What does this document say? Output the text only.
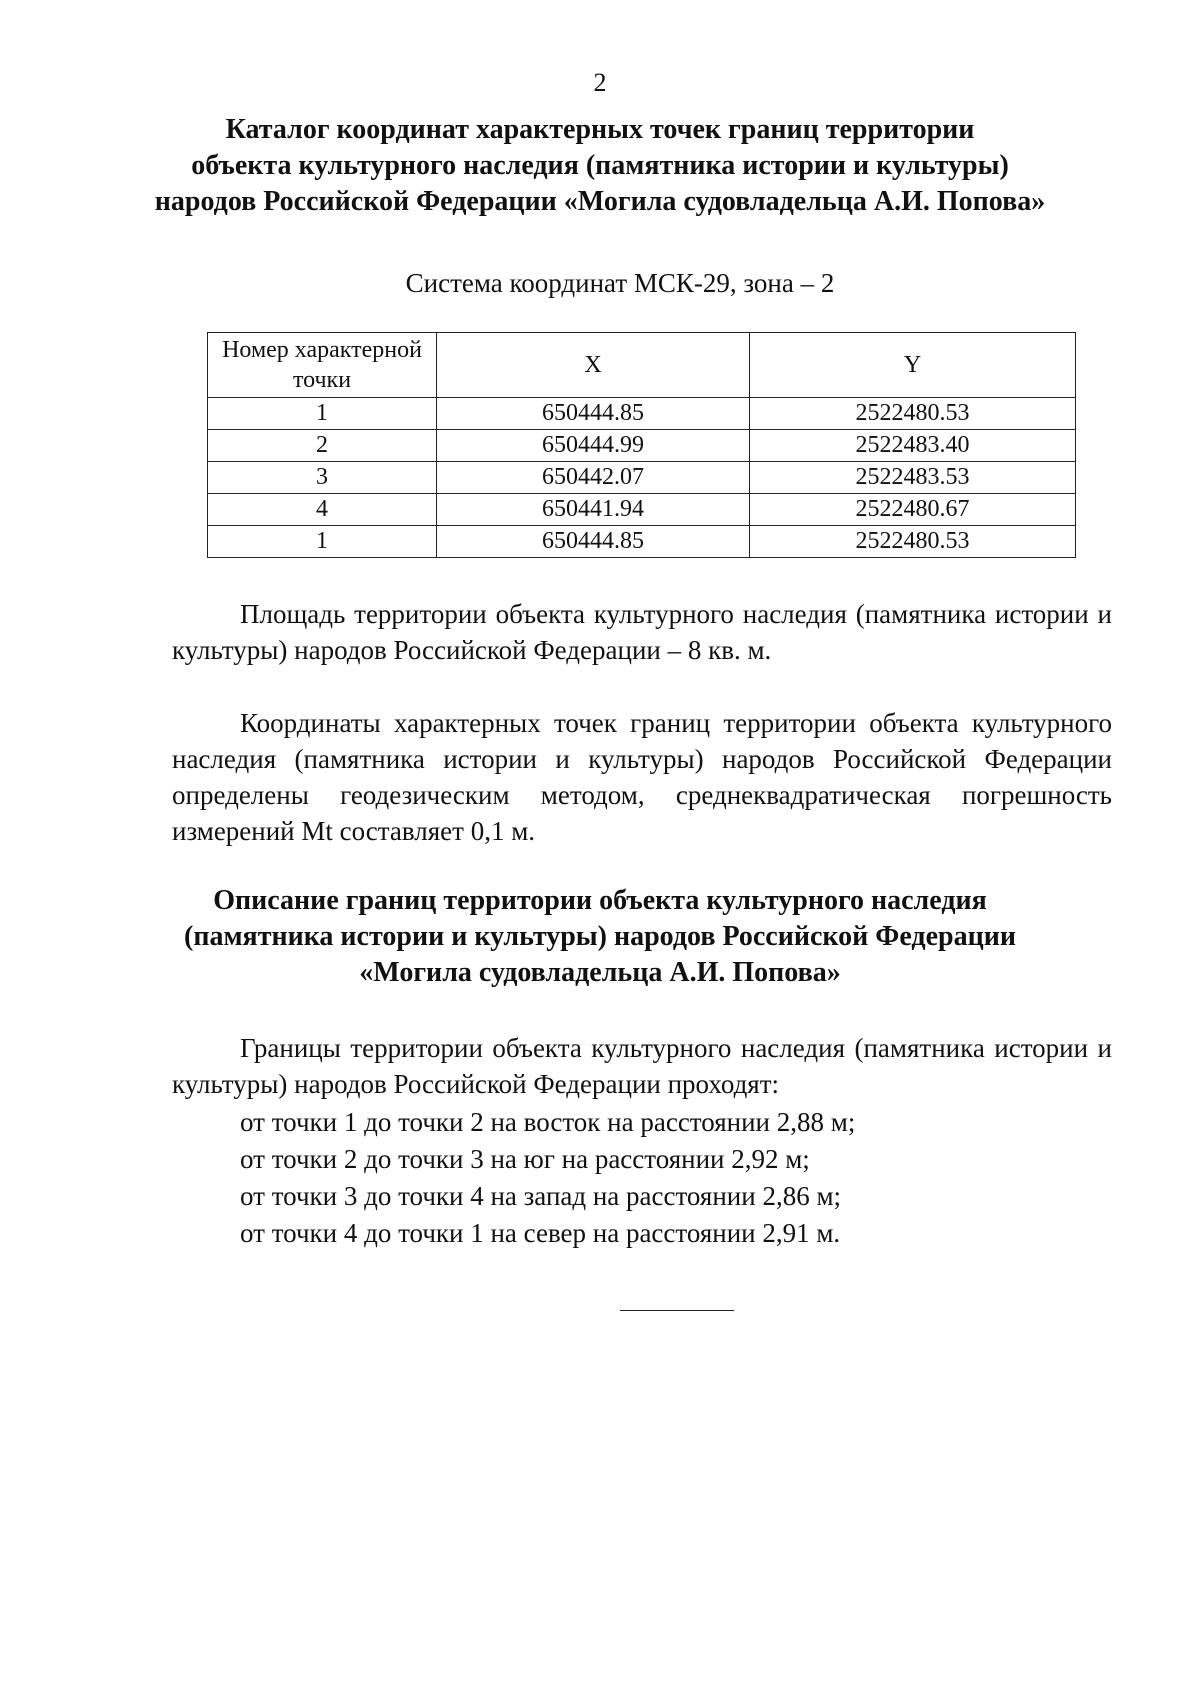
2
Каталог координат характерных точек границ территории
объекта культурного наследия (памятника истории и культуры)
народов Российской Федерации «Могила судовладельца А.И. Попова»
Система координат МСК-29, зона – 2
Номер характерной точки	X	Y
1	650444.85	2522480.53
2	650444.99	2522483.40
3	650442.07	2522483.53
4	650441.94	2522480.67
1	650444.85	2522480.53

Площадь территории объекта культурного наследия (памятника истории и культуры) народов Российской Федерации – 8 кв. м.

Координаты характерных точек границ территории объекта культурного наследия (памятника истории и культуры) народов Российской Федерации определены геодезическим методом, среднеквадратическая погрешность измерений Mt составляет 0,1 м.

Описание границ территории объекта культурного наследия
(памятника истории и культуры) народов Российской Федерации
«Могила судовладельца А.И. Попова»

Границы территории объекта культурного наследия (памятника истории и культуры) народов Российской Федерации проходят:

от точки 1 до точки 2 на восток на расстоянии 2,88 м;
от точки 2 до точки 3 на юг на расстоянии 2,92 м;
от точки 3 до точки 4 на запад на расстоянии 2,86 м;
от точки 4 до точки 1 на север на расстоянии 2,91 м.
